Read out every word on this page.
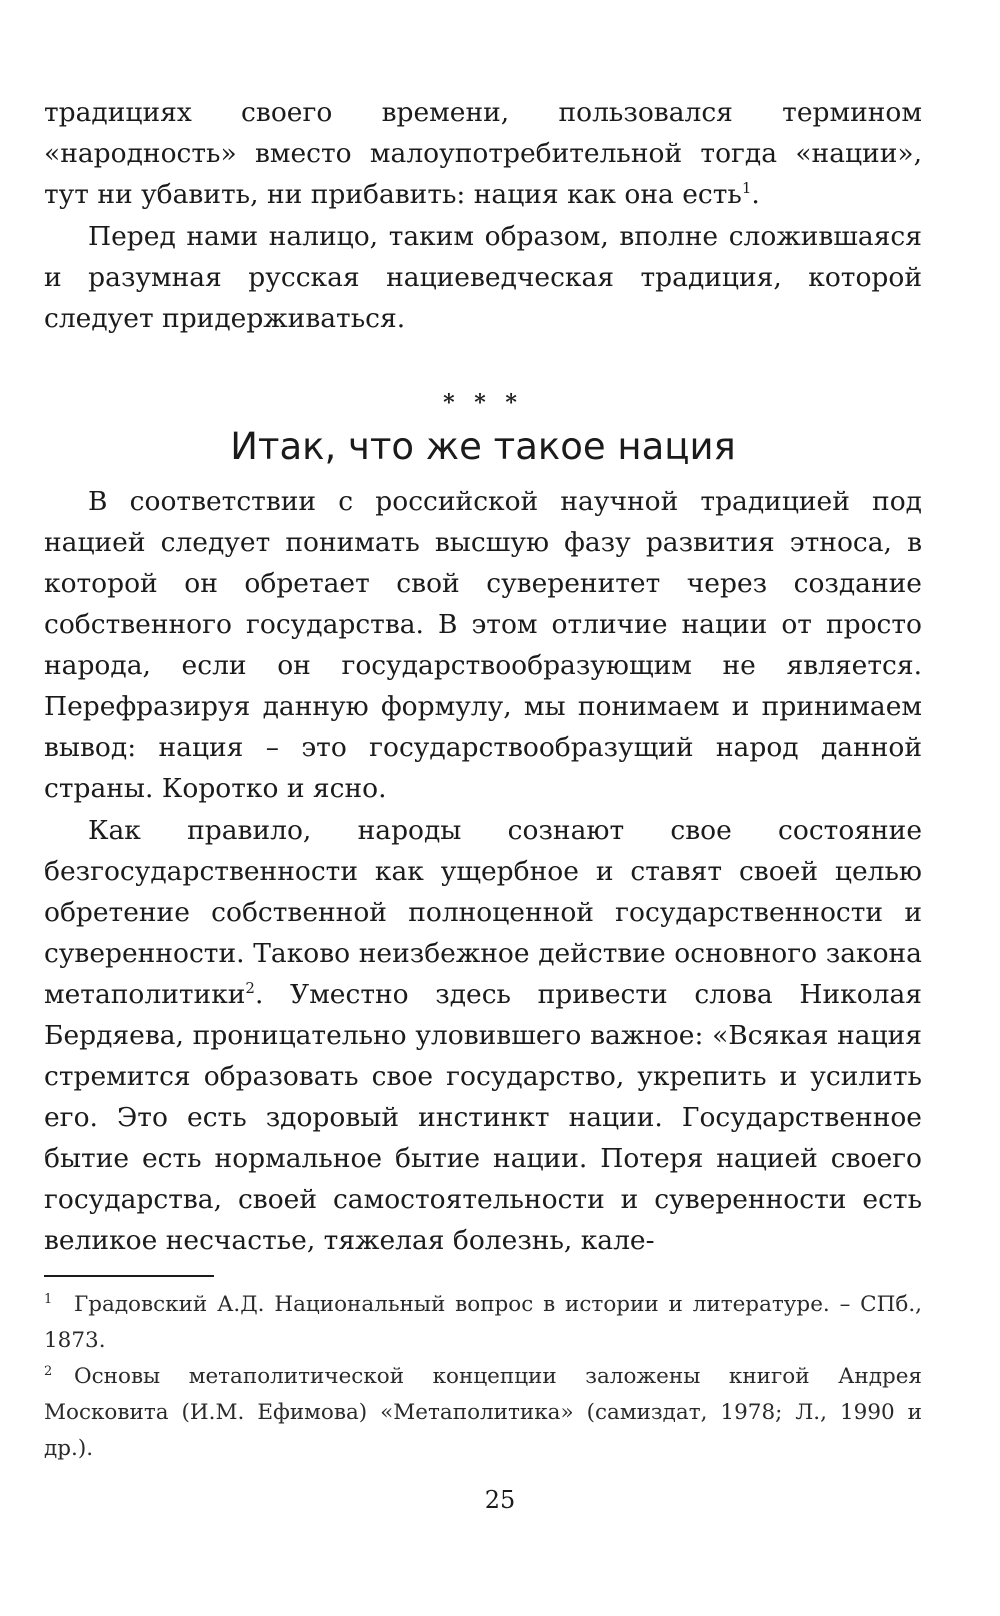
традициях своего времени, пользовался термином «народность» вместо малоупотребительной тогда «нации», тут ни убавить, ни прибавить: нация как она есть$^1$.

Перед нами налицо, таким образом, вполне сложившаяся и разумная русская нациеведческая традиция, которой следует придерживаться.

* * *
Итак, что же такое нация

В соответствии с российской научной традицией под нацией следует понимать высшую фазу развития этноса, в которой он обретает свой суверенитет через создание собственного государства. В этом отличие нации от просто народа, если он государствообразующим не является. Перефразируя данную формулу, мы понимаем и принимаем вывод: нация – это государствообразущий народ данной страны. Коротко и ясно.

Как правило, народы сознают свое состояние безгосударственности как ущербное и ставят своей целью обретение собственной полноценной государственности и суверенности. Таково неизбежное действие основного закона метаполитики$^2$. Уместно здесь привести слова Николая Бердяева, проницательно уловившего важное: «Всякая нация стремится образовать свое государство, укрепить и усилить его. Это есть здоровый инстинкт нации. Государственное бытие есть нормальное бытие нации. Потеря нацией своего государства, своей самостоятельности и суверенности есть великое несчастье, тяжелая болезнь, кале-

1 Градовский А.Д. Национальный вопрос в истории и литературе. – СПб., 1873.

2 Основы метаполитической концепции заложены книгой Андрея Московита (И.М. Ефимова) «Метаполитика» (самиздат, 1978; Л., 1990 и др.).

25
